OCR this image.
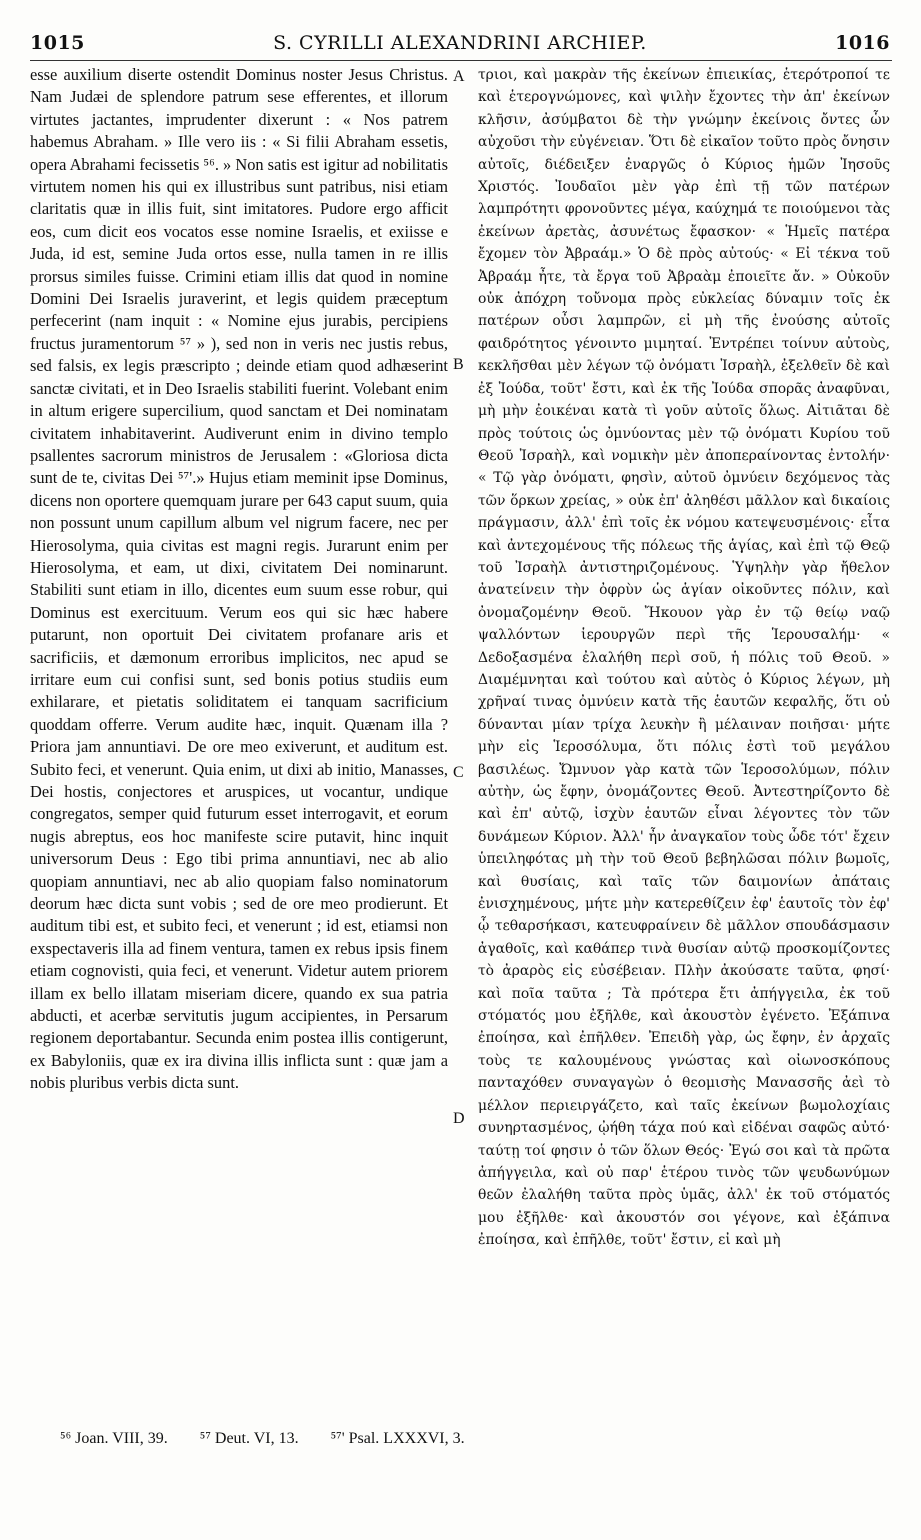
1015	S. CYRILLI ALEXANDRINI ARCHIEP.	1016

esse auxilium diserte ostendit Dominus noster Jesus Christus. Nam Judæi de splendore patrum sese efferentes, et illorum virtutes jactantes, imprudenter dixerunt : « Nos patrem habemus Abraham. » Ille vero iis : « Si filii Abraham essetis, opera Abrahami fecissetis ⁵⁶. » Non satis est igitur ad nobilitatis virtutem nomen his qui ex illustribus sunt patribus, nisi etiam claritatis quæ in illis fuit, sint imitatores. Pudore ergo afficit eos, cum dicit eos vocatos esse nomine Israelis, et exiisse e Juda, id est, semine Juda ortos esse, nulla tamen in re illis prorsus similes fuisse. Crimini etiam illis dat quod in nomine Domini Dei Israelis juraverint, et legis quidem præceptum perfecerint (nam inquit : « Nomine ejus jurabis, percipiens fructus juramentorum ⁵⁷ » ), sed non in veris nec justis rebus, sed falsis, ex legis præscripto ; deinde etiam quod adhæserint sanctæ civitati, et in Deo Israelis stabiliti fuerint. Volebant enim in altum erigere supercilium, quod sanctam et Dei nominatam civitatem inhabitaverint. Audiverunt enim in divino templo psallentes sacrorum ministros de Jerusalem : «Gloriosa dicta sunt de te, civitas Dei ⁵⁷'.» Hujus etiam meminit ipse Dominus, dicens non oportere quemquam jurare per 643 caput suum, quia non possunt unum capillum album vel nigrum facere, nec per Hierosolyma, quia civitas est magni regis. Jurarunt enim per Hierosolyma, et eam, ut dixi, civitatem Dei nominarunt. Stabiliti sunt etiam in illo, dicentes eum suum esse robur, qui Dominus est exercituum. Verum eos qui sic hæc habere putarunt, non oportuit Dei civitatem profanare aris et sacrificiis, et dæmonum erroribus implicitos, nec apud se irritare eum cui confisi sunt, sed bonis potius studiis eum exhilarare, et pietatis soliditatem ei tanquam sacrificium quoddam offerre. Verum audite hæc, inquit. Quænam illa ? Priora jam annuntiavi. De ore meo exiverunt, et auditum est. Subito feci, et venerunt. Quia enim, ut dixi ab initio, Manasses, Dei hostis, conjectores et aruspices, ut vocantur, undique congregatos, semper quid futurum esset interrogavit, et eorum nugis abreptus, eos hoc manifeste scire putavit, hinc inquit universorum Deus : Ego tibi prima annuntiavi, nec ab alio quopiam annuntiavi, nec ab alio quopiam falso nominatorum deorum hæc dicta sunt vobis ; sed de ore meo prodierunt. Et auditum tibi est, et subito feci, et venerunt ; id est, etiamsi non exspectaveris illa ad finem ventura, tamen ex rebus ipsis finem etiam cognovisti, quia feci, et venerunt. Videtur autem priorem illam ex bello illatam miseriam dicere, quando ex sua patria abducti, et acerbæ servitutis jugum accipientes, in Persarum regionem deportabantur. Secunda enim postea illis contigerunt, ex Babyloniis, quæ ex ira divina illis inflicta sunt : quæ jam a nobis pluribus verbis dicta sunt.

A
B
C
D

τριοι, καὶ μακρὰν τῆς ἐκείνων ἐπιεικίας, ἑτερότροποί τε καὶ ἑτερογνώμονες, καὶ ψιλὴν ἔχοντες τὴν ἀπ' ἐκείνων κλῆσιν, ἀσύμβατοι δὲ τὴν γνώμην ἐκείνοις ὄντες ὧν αὐχοῦσι τὴν εὐγένειαν. Ὅτι δὲ εἰκαῖον τοῦτο πρὸς ὄνησιν αὐτοῖς, διέδειξεν ἐναργῶς ὁ Κύριος ἡμῶν Ἰησοῦς Χριστός. Ἰουδαῖοι μὲν γὰρ ἐπὶ τῇ τῶν πατέρων λαμπρότητι φρονοῦντες μέγα, καύχημά τε ποιούμενοι τὰς ἐκείνων ἀρετὰς, ἀσυνέτως ἔφασκον· « Ἡμεῖς πατέρα ἔχομεν τὸν Ἀβραάμ.» Ὁ δὲ πρὸς αὐτούς· « Εἰ τέκνα τοῦ Ἀβραάμ ἦτε, τὰ ἔργα τοῦ Ἀβραὰμ ἐποιεῖτε ἄν. » Οὐκοῦν οὐκ ἀπόχρη τοὔνομα πρὸς εὐκλείας δύναμιν τοῖς ἐκ πατέρων οὖσι λαμπρῶν, εἰ μὴ τῆς ἐνούσης αὐτοῖς φαιδρότητος γένοιντο μιμηταί. Ἐντρέπει τοίνυν αὐτοὺς, κεκλῆσθαι μὲν λέγων τῷ ὀνόματι Ἰσραὴλ, ἐξελθεῖν δὲ καὶ ἐξ Ἰούδα, τοῦτ' ἔστι, καὶ ἐκ τῆς Ἰούδα σπορᾶς ἀναφῦναι, μὴ μὴν ἐοικέναι κατὰ τὶ γοῦν αὐτοῖς ὅλως. Αἰτιᾶται δὲ πρὸς τούτοις ὡς ὀμνύοντας μὲν τῷ ὀνόματι Κυρίου τοῦ Θεοῦ Ἰσραὴλ, καὶ νομικὴν μὲν ἀποπεραίνοντας ἐντολήν· « Τῷ γὰρ ὀνόματι, φησὶν, αὐτοῦ ὀμνύειν δεχόμενος τὰς τῶν ὅρκων χρείας, » οὐκ ἐπ' ἀληθέσι μᾶλλον καὶ δικαίοις πράγμασιν, ἀλλ' ἐπὶ τοῖς ἐκ νόμου κατεψευσμένοις· εἶτα καὶ ἀντεχομένους τῆς πόλεως τῆς ἁγίας, καὶ ἐπὶ τῷ Θεῷ τοῦ Ἰσραὴλ ἀντιστηριζομένους. Ὑψηλὴν γὰρ ἤθελον ἀνατείνειν τὴν ὀφρὺν ὡς ἁγίαν οἰκοῦντες πόλιν, καὶ ὀνομαζομένην Θεοῦ. Ἤκουον γὰρ ἐν τῷ θείῳ ναῷ ψαλλόντων ἱερουργῶν περὶ τῆς Ἱερουσαλήμ· « Δεδοξασμένα ἐλαλήθη περὶ σοῦ, ἡ πόλις τοῦ Θεοῦ. » Διαμέμνηται καὶ τούτου καὶ αὐτὸς ὁ Κύριος λέγων, μὴ χρῆναί τινας ὀμνύειν κατὰ τῆς ἑαυτῶν κεφαλῆς, ὅτι οὐ δύνανται μίαν τρίχα λευκὴν ἢ μέλαιναν ποιῆσαι· μήτε μὴν εἰς Ἱεροσόλυμα, ὅτι πόλις ἐστὶ τοῦ μεγάλου βασιλέως. Ὤμνυον γὰρ κατὰ τῶν Ἱεροσολύμων, πόλιν αὐτὴν, ὡς ἔφην, ὀνομάζοντες Θεοῦ. Ἀντεστηρίζοντο δὲ καὶ ἐπ' αὐτῷ, ἰσχὺν ἑαυτῶν εἶναι λέγοντες τὸν τῶν δυνάμεων Κύριον. Ἀλλ' ἦν ἀναγκαῖον τοὺς ὧδε τότ' ἔχειν ὑπειληφότας μὴ τὴν τοῦ Θεοῦ βεβηλῶσαι πόλιν βωμοῖς, καὶ θυσίαις, καὶ ταῖς τῶν δαιμονίων ἀπάταις ἐνισχημένους, μήτε μὴν κατερεθίζειν ἐφ' ἑαυτοῖς τὸν ἐφ' ᾧ τεθαρσήκασι, κατευφραίνειν δὲ μᾶλλον σπουδάσμασιν ἀγαθοῖς, καὶ καθάπερ τινὰ θυσίαν αὐτῷ προσκομίζοντες τὸ ἀραρὸς εἰς εὐσέβειαν. Πλὴν ἀκούσατε ταῦτα, φησί· καὶ ποῖα ταῦτα ; Τὰ πρότερα ἔτι ἀπήγγειλα, ἐκ τοῦ στόματός μου ἐξῆλθε, καὶ ἀκουστὸν ἐγένετο. Ἐξάπινα ἐποίησα, καὶ ἐπῆλθεν. Ἐπειδὴ γὰρ, ὡς ἔφην, ἐν ἀρχαῖς τοὺς τε καλουμένους γνώστας καὶ οἰωνοσκόπους πανταχόθεν συναγαγὼν ὁ θεομισὴς Μανασσῆς ἀεὶ τὸ μέλλον περιειργάζετο, καὶ ταῖς ἐκείνων βωμολοχίαις συνηρτασμένος, ᾠήθη τάχα πού καὶ εἰδέναι σαφῶς αὐτό· ταύτῃ τοί φησιν ὁ τῶν ὅλων Θεός· Ἐγώ σοι καὶ τὰ πρῶτα ἀπήγγειλα, καὶ οὐ παρ' ἑτέρου τινὸς τῶν ψευδωνύμων θεῶν ἐλαλήθη ταῦτα πρὸς ὑμᾶς, ἀλλ' ἐκ τοῦ στόματός μου ἐξῆλθε· καὶ ἀκουστόν σοι γέγονε, καὶ ἐξάπινα ἐποίησα, καὶ ἐπῆλθε, τοῦτ' ἔστιν, εἰ καὶ μὴ

⁵⁶ Joan. VIII, 39. ⁵⁷ Deut. VI, 13. ⁵⁷' Psal. LXXXVI, 3.
